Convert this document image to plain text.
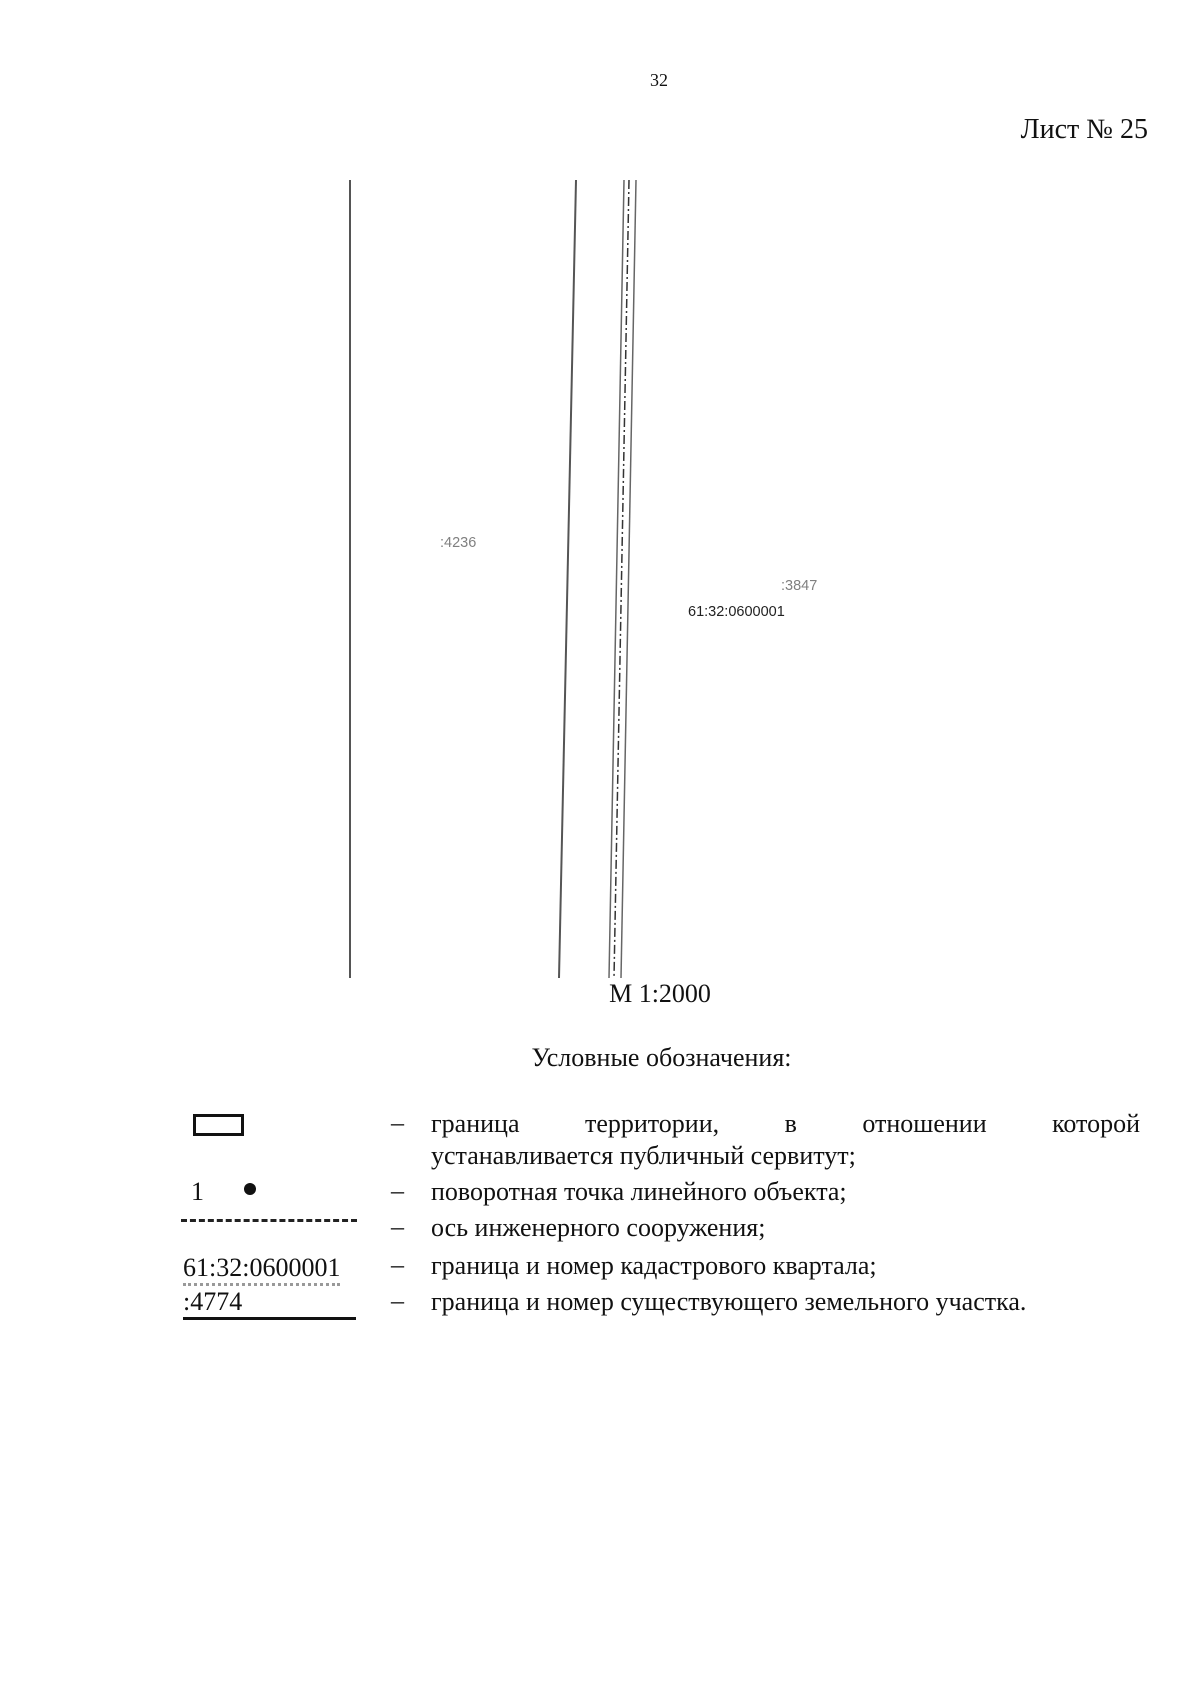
32
Лист № 25
:4236
:3847
61:32:0600001
М 1:2000
Условные обозначения:
– граница территории, в отношении которой
устанавливается публичный сервитут;
1	– поворотная точка линейного объекта;
– ось инженерного сооружения;
61:32:0600001 – граница и номер кадастрового квартала;
:4774	– граница и номер существующего земельного участка.
